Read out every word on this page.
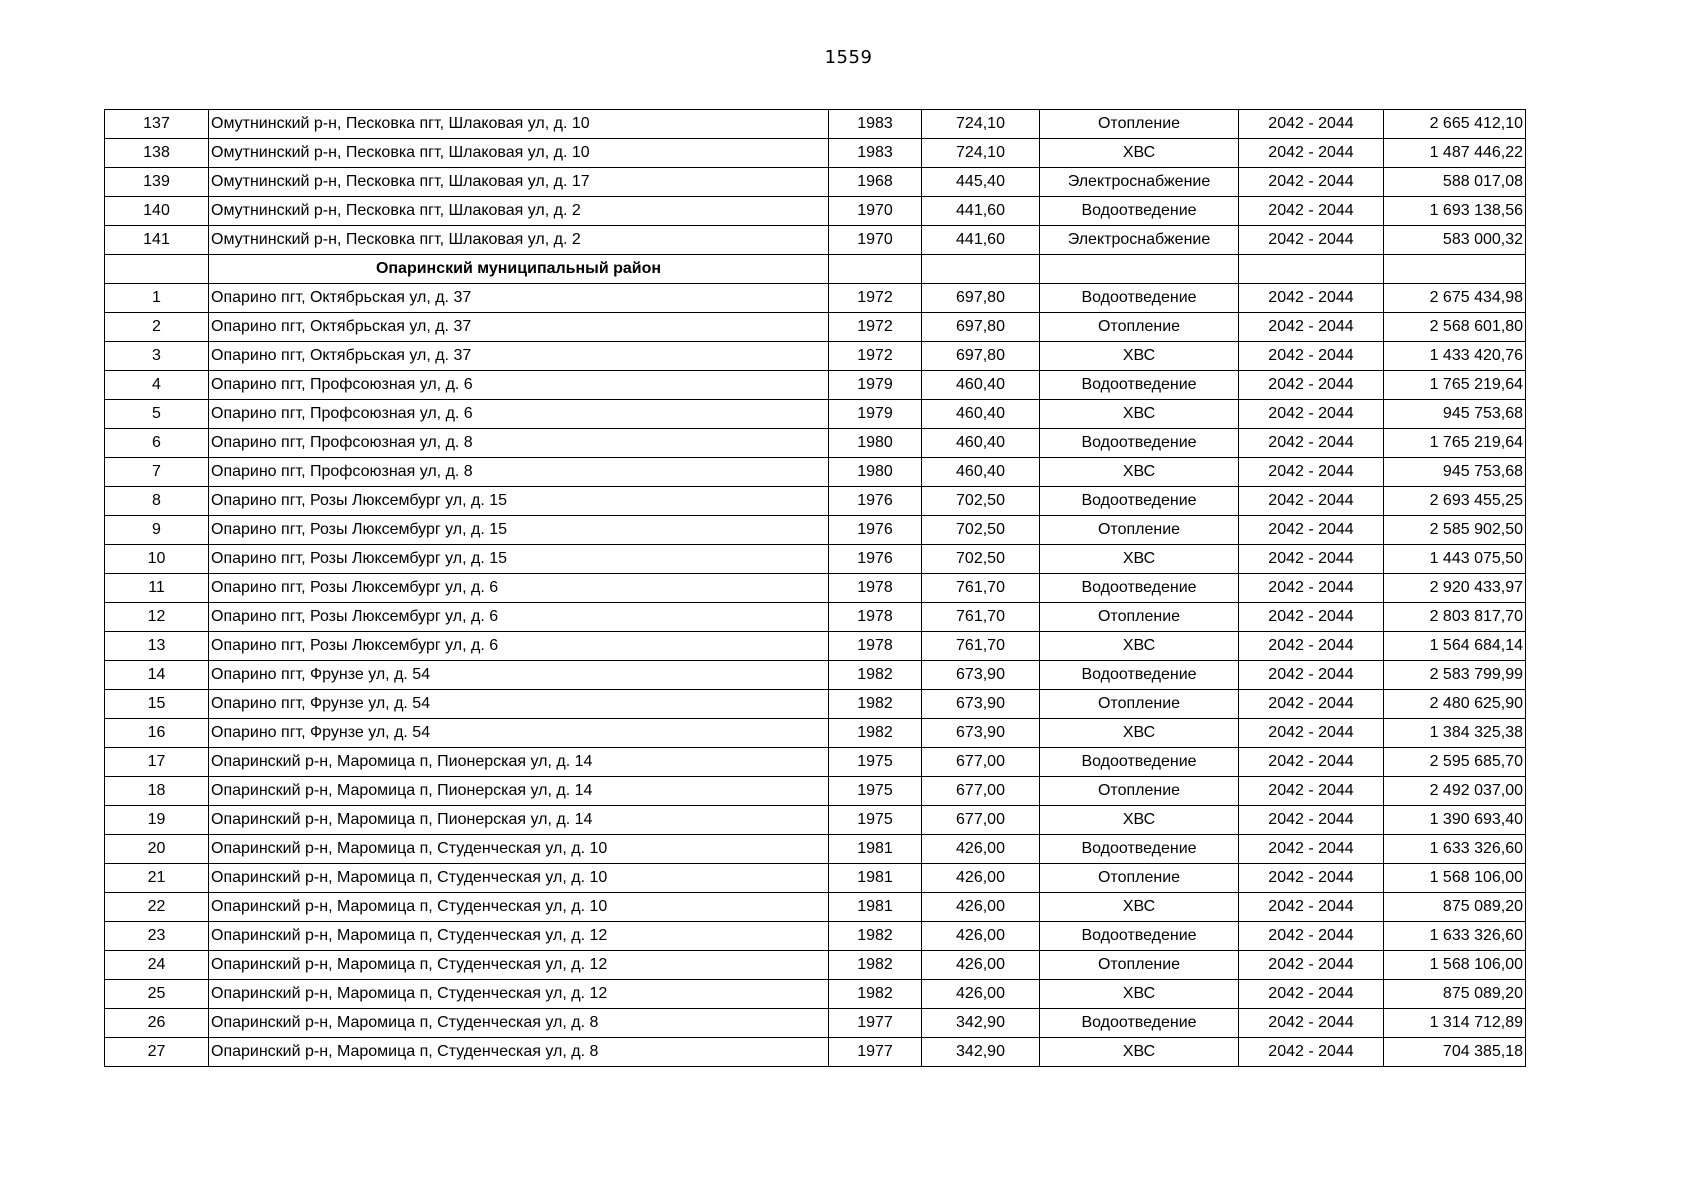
1559
137	Омутнинский р-н, Песковка пгт, Шлаковая ул, д. 10	1983	724,10	Отопление	2042 - 2044	2 665 412,10
138	Омутнинский р-н, Песковка пгт, Шлаковая ул, д. 10	1983	724,10	ХВС	2042 - 2044	1 487 446,22
139	Омутнинский р-н, Песковка пгт, Шлаковая ул, д. 17	1968	445,40	Электроснабжение	2042 - 2044	588 017,08
140	Омутнинский р-н, Песковка пгт, Шлаковая ул, д. 2	1970	441,60	Водоотведение	2042 - 2044	1 693 138,56
141	Омутнинский р-н, Песковка пгт, Шлаковая ул, д. 2	1970	441,60	Электроснабжение	2042 - 2044	583 000,32
	Опаринский муниципальный район					
1	Опарино пгт, Октябрьская ул, д. 37	1972	697,80	Водоотведение	2042 - 2044	2 675 434,98
2	Опарино пгт, Октябрьская ул, д. 37	1972	697,80	Отопление	2042 - 2044	2 568 601,80
3	Опарино пгт, Октябрьская ул, д. 37	1972	697,80	ХВС	2042 - 2044	1 433 420,76
4	Опарино пгт, Профсоюзная ул, д. 6	1979	460,40	Водоотведение	2042 - 2044	1 765 219,64
5	Опарино пгт, Профсоюзная ул, д. 6	1979	460,40	ХВС	2042 - 2044	945 753,68
6	Опарино пгт, Профсоюзная ул, д. 8	1980	460,40	Водоотведение	2042 - 2044	1 765 219,64
7	Опарино пгт, Профсоюзная ул, д. 8	1980	460,40	ХВС	2042 - 2044	945 753,68
8	Опарино пгт, Розы Люксембург ул, д. 15	1976	702,50	Водоотведение	2042 - 2044	2 693 455,25
9	Опарино пгт, Розы Люксембург ул, д. 15	1976	702,50	Отопление	2042 - 2044	2 585 902,50
10	Опарино пгт, Розы Люксембург ул, д. 15	1976	702,50	ХВС	2042 - 2044	1 443 075,50
11	Опарино пгт, Розы Люксембург ул, д. 6	1978	761,70	Водоотведение	2042 - 2044	2 920 433,97
12	Опарино пгт, Розы Люксембург ул, д. 6	1978	761,70	Отопление	2042 - 2044	2 803 817,70
13	Опарино пгт, Розы Люксембург ул, д. 6	1978	761,70	ХВС	2042 - 2044	1 564 684,14
14	Опарино пгт, Фрунзе ул, д. 54	1982	673,90	Водоотведение	2042 - 2044	2 583 799,99
15	Опарино пгт, Фрунзе ул, д. 54	1982	673,90	Отопление	2042 - 2044	2 480 625,90
16	Опарино пгт, Фрунзе ул, д. 54	1982	673,90	ХВС	2042 - 2044	1 384 325,38
17	Опаринский р-н, Маромица п, Пионерская ул, д. 14	1975	677,00	Водоотведение	2042 - 2044	2 595 685,70
18	Опаринский р-н, Маромица п, Пионерская ул, д. 14	1975	677,00	Отопление	2042 - 2044	2 492 037,00
19	Опаринский р-н, Маромица п, Пионерская ул, д. 14	1975	677,00	ХВС	2042 - 2044	1 390 693,40
20	Опаринский р-н, Маромица п, Студенческая ул, д. 10	1981	426,00	Водоотведение	2042 - 2044	1 633 326,60
21	Опаринский р-н, Маромица п, Студенческая ул, д. 10	1981	426,00	Отопление	2042 - 2044	1 568 106,00
22	Опаринский р-н, Маромица п, Студенческая ул, д. 10	1981	426,00	ХВС	2042 - 2044	875 089,20
23	Опаринский р-н, Маромица п, Студенческая ул, д. 12	1982	426,00	Водоотведение	2042 - 2044	1 633 326,60
24	Опаринский р-н, Маромица п, Студенческая ул, д. 12	1982	426,00	Отопление	2042 - 2044	1 568 106,00
25	Опаринский р-н, Маромица п, Студенческая ул, д. 12	1982	426,00	ХВС	2042 - 2044	875 089,20
26	Опаринский р-н, Маромица п, Студенческая ул, д. 8	1977	342,90	Водоотведение	2042 - 2044	1 314 712,89
27	Опаринский р-н, Маромица п, Студенческая ул, д. 8	1977	342,90	ХВС	2042 - 2044	704 385,18
